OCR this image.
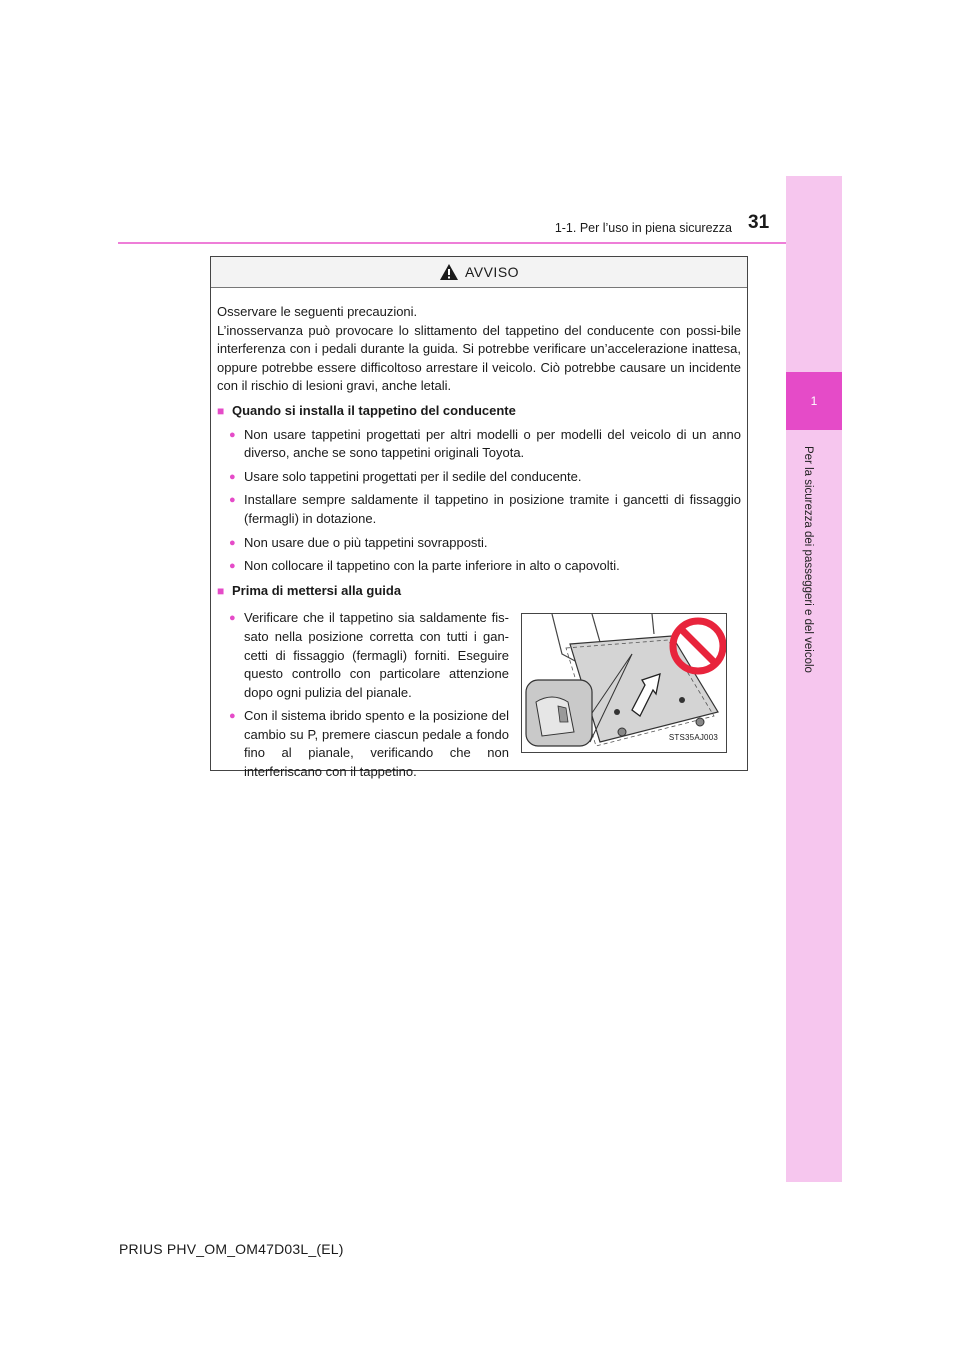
1
Per la sicurezza dei passeggeri e del veicolo
1-1. Per l’uso in piena sicurezza 31
AVVISO
Osservare le seguenti precauzioni.
L’inosservanza può provocare lo slittamento del tappetino del conducente con possi-bile interferenza con i pedali durante la guida. Si potrebbe verificare un’accelerazione inattesa, oppure potrebbe essere difficoltoso arrestare il veicolo. Ciò potrebbe causare un incidente con il rischio di lesioni gravi, anche letali.
■ Quando si installa il tappetino del conducente
● Non usare tappetini progettati per altri modelli o per modelli del veicolo di un anno diverso, anche se sono tappetini originali Toyota.
● Usare solo tappetini progettati per il sedile del conducente.
● Installare sempre saldamente il tappetino in posizione tramite i gancetti di fissaggio (fermagli) in dotazione.
● Non usare due o più tappetini sovrapposti.
● Non collocare il tappetino con la parte inferiore in alto o capovolti.
■ Prima di mettersi alla guida
● Verificare che il tappetino sia saldamente fis-sato nella posizione corretta con tutti i gan-cetti di fissaggio (fermagli) forniti. Eseguire questo controllo con particolare attenzione dopo ogni pulizia del pianale.
● Con il sistema ibrido spento e la posizione del cambio su P, premere ciascun pedale a fondo fino al pianale, verificando che non interferiscano con il tappetino.
STS35AJ003
PRIUS PHV_OM_OM47D03L_(EL)
